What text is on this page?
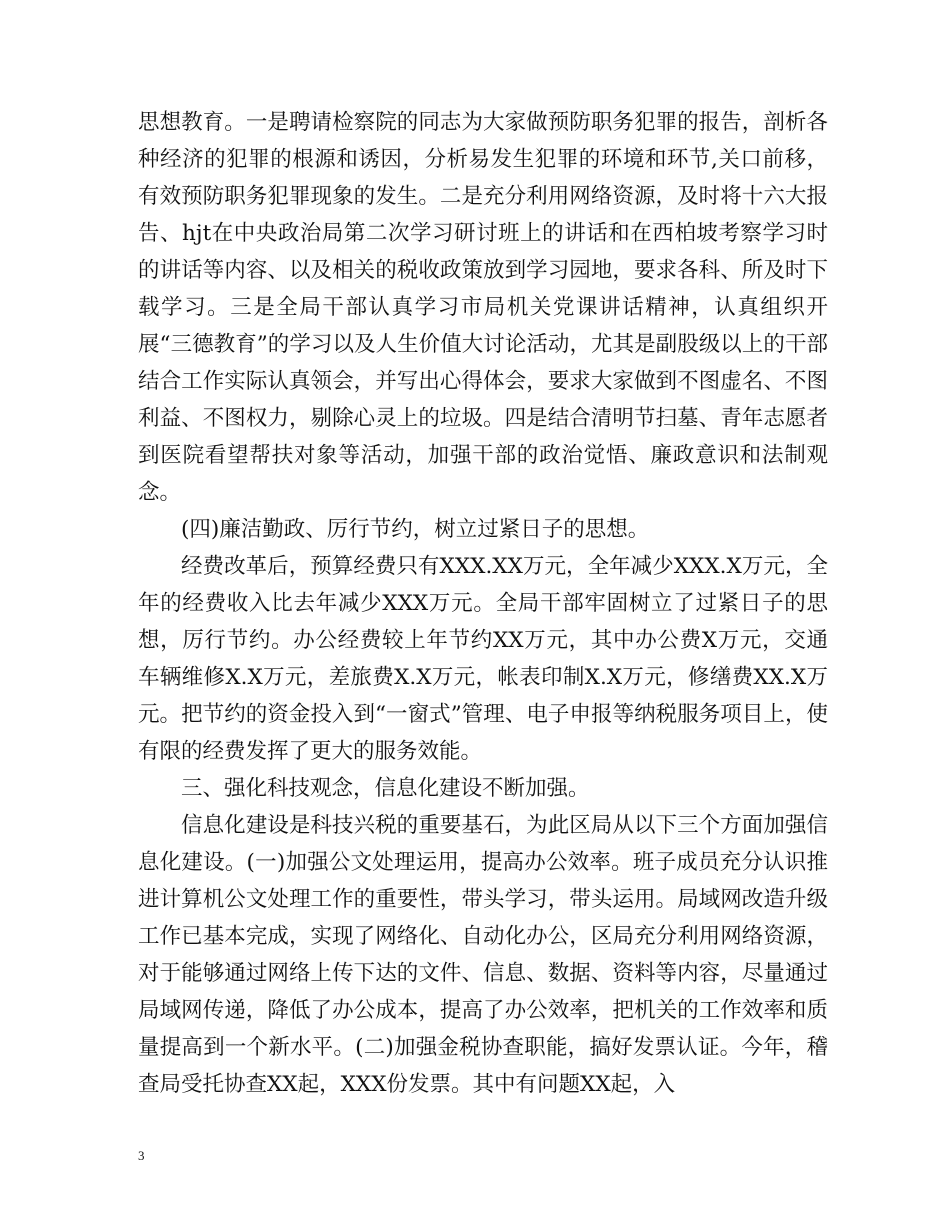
思想教育。一是聘请检察院的同志为大家做预防职务犯罪的报告，剖析各种经济的犯罪的根源和诱因，分析易发生犯罪的环境和环节,关口前移，有效预防职务犯罪现象的发生。二是充分利用网络资源，及时将十六大报告、hjt在中央政治局第二次学习研讨班上的讲话和在西柏坡考察学习时的讲话等内容、以及相关的税收政策放到学习园地，要求各科、所及时下载学习。三是全局干部认真学习市局机关党课讲话精神，认真组织开展“三德教育”的学习以及人生价值大讨论活动，尤其是副股级以上的干部结合工作实际认真领会，并写出心得体会，要求大家做到不图虚名、不图利益、不图权力，剔除心灵上的垃圾。四是结合清明节扫墓、青年志愿者到医院看望帮扶对象等活动，加强干部的政治觉悟、廉政意识和法制观念。

(四)廉洁勤政、厉行节约，树立过紧日子的思想。

经费改革后，预算经费只有XXX.XX万元，全年减少XXX.X万元，全年的经费收入比去年减少XXX万元。全局干部牢固树立了过紧日子的思想，厉行节约。办公经费较上年节约XX万元，其中办公费X万元，交通车辆维修X.X万元，差旅费X.X万元，帐表印制X.X万元，修缮费XX.X万元。把节约的资金投入到“一窗式”管理、电子申报等纳税服务项目上，使有限的经费发挥了更大的服务效能。

三、强化科技观念，信息化建设不断加强。

信息化建设是科技兴税的重要基石，为此区局从以下三个方面加强信息化建设。(一)加强公文处理运用，提高办公效率。班子成员充分认识推进计算机公文处理工作的重要性，带头学习，带头运用。局域网改造升级工作已基本完成，实现了网络化、自动化办公，区局充分利用网络资源，对于能够通过网络上传下达的文件、信息、数据、资料等内容，尽量通过局域网传递，降低了办公成本，提高了办公效率，把机关的工作效率和质量提高到一个新水平。(二)加强金税协查职能，搞好发票认证。今年，稽查局受托协查XX起，XXX份发票。其中有问题XX起，入

3
